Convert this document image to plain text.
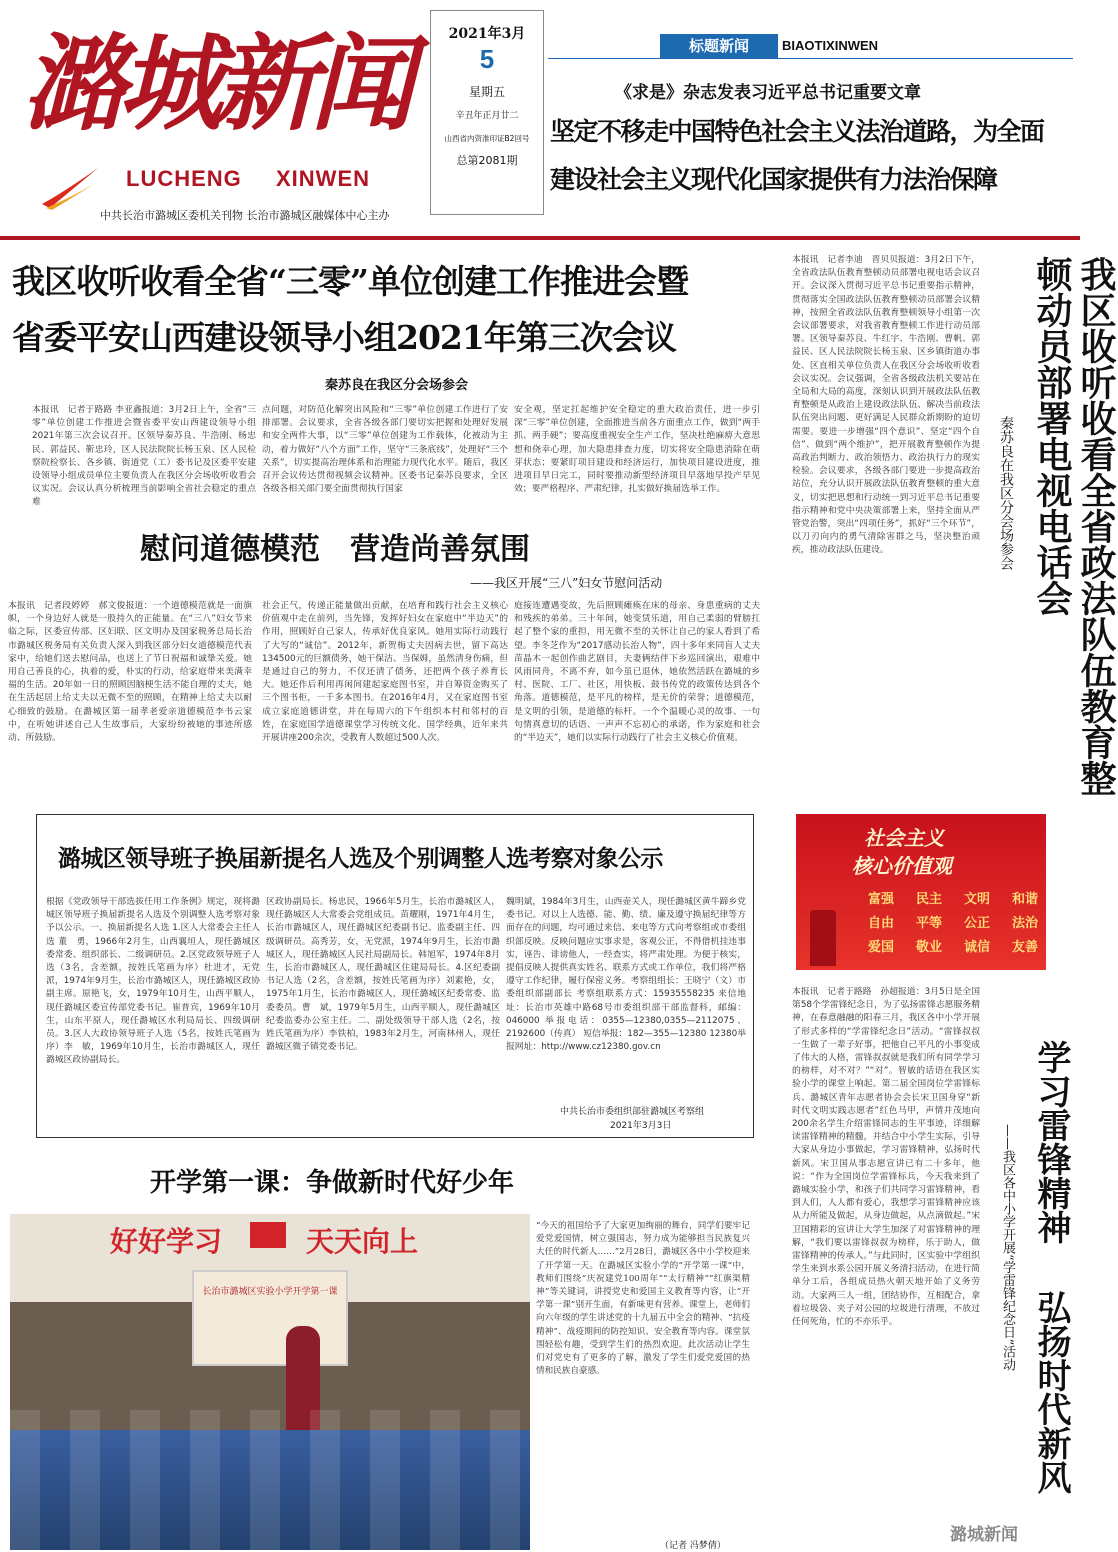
潞城新闻
LUCHENG XINWEN
中共长治市潞城区委机关刊物 长治市潞城区融媒体中心主办
2021年3月
5
星期五
辛丑年正月廿二
山西省内资准印证B2回号
总第2081期
标题新闻	BIAOTIXINWEN
《求是》杂志发表习近平总书记重要文章
坚定不移走中国特色社会主义法治道路，为全面
建设社会主义现代化国家提供有力法治保障
我区收听收看全省“三零”单位创建工作推进会暨
省委平安山西建设领导小组2021年第三次会议
秦苏良在我区分会场参会
本报讯　记者于路路 李亚鑫报道：3月2日上午，全省“三零”单位创建工作推进会暨省委平安山西建设领导小组2021年第三次会议召开。区领导秦苏良、牛浩刚、杨忠民、郭益民、靳忠玲，区人民法院院长杨玉泉、区人民检察院检察长、各乡镇、街道党（工）委书记及区委平安建设领导小组成员单位主要负责人在我区分会场收听收看会议实况。会议认真分析梳理当前影响全省社会稳定的重点难
点问题，对防范化解突出风险和“三零”单位创建工作进行了安排部署。会议要求，全省各级各部门要切实把握和处理好发展和安全两件大事，以“三零”单位创建为工作载体，化被动为主动，着力做好“八个方面”工作，坚守“三条底线”，处理好“三个关系”，切实提高治理体系和治理能力现代化水平。随后，我区召开会议传达贯彻视频会议精神。区委书记秦苏良要求，全区各级各相关部门要全面贯彻执行国家
安全观，坚定扛起维护安全稳定的重大政治责任，进一步引深“三零”单位创建，全面推进当前各方面重点工作，做到“两手抓、两手硬”；要高度重视安全生产工作，坚决杜绝麻痹大意思想和侥幸心理，加大隐患排查力度，切实将安全隐患消除在萌芽状态；要紧盯项目建设和经济运行，加快项目建设进度，推进项目早日完工，同时要推动新型经济项目早落地早投产早见效；要严格程序、严肃纪律，扎实做好换届选举工作。
慰问道德模范　营造尚善氛围
——我区开展“三八”妇女节慰问活动
本报讯　记者段婷婷　郝文俊报道：一个道德模范就是一面旗帜，一个身边好人就是一股持久的正能量。在“三八”妇女节来临之际，区委宣传部、区妇联、区文明办及国家税务总局长治市潞城区税务局有关负责人深入到我区部分妇女道德模范代表家中，给她们送去慰问品，也送上了节日祝福和诚挚关爱。她用自己善良的心，执着的爱，朴实的行动，给家庭带来美满幸福的生活。20年如一日的照顾因脑梗生活不能自理的丈夫，她在生活起居上给丈夫以无微不至的照顾，在精神上给丈夫以耐心细致的鼓励。在潞城区第一届孝老爱亲道德模范李书云家中，在听她讲述自己人生故事后，大家纷纷被她的事迹所感动、所鼓励。
社会正气，传递正能量做出贡献，在培育和践行社会主义核心价值观中走在前列，当先锋，发挥好妇女在家庭中“半边天”的作用，照顾好自己家人，传承好优良家风。她用实际行动践行了大写的“诚信”。2012年，新贺梅丈夫因病去世，留下高达134500元的巨额债务，她干保洁、当保姆，虽然清身伤痛，但是通过自己的努力，不仅还清了债务，还把两个孩子养育长大。她还作后利用再闲间建起家庭图书室，并自筹资金购买了三个图书柜，一千多本图书。在2016年4月，又在家庭图书室成立家庭道德讲堂，并在每周六的下午组织本村和邻村的百姓，在家庭国学道德课堂学习传统文化、国学经典，近年来共开展讲座200余次，受教育人数超过500人次。
庭接连遭遇变故，先后照顾瘫痪在床的母亲、身患重病的丈夫和残疾的弟弟。三十年间，她变赁乐道，用自己柔弱的臂膀扛起了整个家的重担，用无微不至的关怀让自己的家人看到了希望。李冬芝作为“2017感动长治人物”，四十多年来同盲人丈夫苗晶木一起创作曲艺剧目，夫妻俩结伴下乡巡回演出，艰难中风雨同舟，不离不弃，如今虽已退休，她依然活跃在潞城的乡村、医院、工厂、社区，用快板、鼓书传党的政策传达到各个角落。道德模范，是平凡的榜样，是无价的荣誉；道德模范，是文明的引领，是道德的标杆。一个个温暖心灵的故事、一句句情真意切的话语、一声声不忘初心的承诺，作为家庭和社会的“半边天”，她们以实际行动践行了社会主义核心价值观。
潞城区领导班子换届新提名人选及个别调整人选考察对象公示
根据《党政领导干部选拔任用工作条例》规定，现将潞城区领导班子换届新提名人选及个别调整人选考察对象予以公示。一、换届新提名人选 1.区人大常委会主任人选 董　勇，1966年2月生，山西襄垣人，现任潞城区委常委、组织部长、二级调研员。2.区党政领导班子人选（3名，含差额，按姓氏笔画为序）杜进才，无党派，1974年9月生，长治市潞城区人，现任潞城区政协副主席。原艳飞，女，1979年10月生，山西平顺人，现任潞城区委宣传部党委书记。崔普宾，1969年10月生，山东平原人，现任潞城区水利局局长、四级调研员。3.区人大政协领导班子人选（5名，按姓氏笔画为序）李　敏，1969年10月生，长治市潞城区人，现任潞城区政协副局长。
区政协副局长。杨忠民，1966年5月生，长治市潞城区人，现任潞城区人大常委会党组成员。苗耀刚，1971年4月生，长治市潞城区人，现任潞城区纪委副书记、监委副主任、四级调研员。高秀芳，女，无党派，1974年9月生，长治市潞城区人，现任潞城区人民社局副局长。韩旭军，1974年8月生，长治市潞城区人，现任潞城区住建局局长。4.区纪委副书记人选（2名，含差额，按姓氏笔画为序）刘素艳，女，1975年1月生，长治市潞城区人，现任潞城区纪委常委、监委委员。曹　斌，1979年5月生，山西平顺人，现任潞城区纪委监委办公室主任。二、副处级领导干部人选（2名，按姓氏笔画为序）李铁柏，1983年2月生，河南林州人，现任潞城区微子镇党委书记。
魏明斌，1984年3月生，山西壶关人，现任潞城区黄牛蹄乡党委书记。对以上人选德、能、勤、绩、廉及遵守换届纪律等方面存在的问题，均可通过来信、来电等方式向考察组或市委组织部反映。反映问题应实事求是，客观公正，不得借机挂违事实，诬告、诽谤他人，一经查实，将严肃处理。为便于核实，提倡反映人提供真实姓名、联系方式或工作单位，我们将严格遵守工作纪律，履行保密义务。考察组组长：王晓宁（文）市委组织部副部长 考察组联系方式：15935558235 来信地址：长治市英雄中路68号市委组织部干部监督科，邮编：046000 举报电话：0355—12380,0355—2112075、2192600（传真） 短信举报：182—355—12380 12380举报网址：http://www.cz12380.gov.cn
中共长治市委组织部驻潞城区考察组
2021年3月3日
开学第一课：争做新时代好少年
好好学习	天天向上
长治市潞城区实验小学开学第一课
“今天的祖国给予了大家更加绚丽的舞台，同学们要牢记爱党爱国情，树立强国志，努力成为能够担当民族复兴大任的时代新人……”2月28日，潞城区各中小学校迎来了开学第一天。在潞城区实验小学的“开学第一课”中，教师们围绕“庆祝建党100周年”“太行精神”“红旗渠精神”等关键词，讲授党史和爱国主义教育等内容，让“开学第一课”别开生面，有新味更有营养。课堂上，老师们向六年级的学生讲述党的十九届五中全会的精神、“抗疫精神”、战疫期间的防控知识、安全教育等内容。课堂氛围轻松有趣，受到学生们的热烈欢迎。此次活动让学生们对党史有了更多的了解，激发了学生们爱党爱国的热情和民族自豪感。
（记者 冯梦倩）
本报讯　记者李迪　晋贝贝报道：3月2日下午，全省政法队伍教育整顿动员部署电视电话会议召开。会议深入贯彻习近平总书记重要指示精神，贯彻落实全国政法队伍教育整顿动员部署会议精神，按照全省政法队伍教育整顿领导小组第一次会议部署要求，对我省教育整顿工作进行动员部署。区领导秦苏良、牛红宇、牛浩刚、曹帆、郭益民、区人民法院院长杨玉泉、区乡镇街道办事处、区直相关单位负责人在我区分会场收听收看会议实况。会议强调，全省各级政法机关要站在全局和大局的高度，深刻认识到开展政法队伍教育整顿是从政治上建设政法队伍、解决当前政法队伍突出问题、更好满足人民群众新期盼的迫切需要。要进一步增强“四个意识”、坚定“四个自信”、做到“两个维护”，把开展教育整顿作为提高政治判断力、政治领悟力、政治执行力的现实检验。会议要求，各级各部门要进一步提高政治站位，充分认识开展政法队伍教育整顿的重大意义，切实把思想和行动统一到习近平总书记重要指示精神和党中央决策部署上来，坚持全面从严管党治警，突出“四项任务”，抓好“三个环节”，以刀刃向内的勇气清除害群之马，坚决整治顽疾，推动政法队伍建设。	我区收听收看全省政法队伍教育整顿动员部署电视电话会
秦苏良在我区分会场参会
社会主义
核心价值观
富强 民主 文明 和谐
自由 平等 公正 法治
爱国 敬业 诚信 友善
本报讯　记者于路路　孙超报道：3月5日是全国第58个学雷锋纪念日，为了弘扬雷锋志愿服务精神，在春意融融的阳春三月，我区各中小学开展了形式多样的“学雷锋纪念日”活动。“雷锋叔叔一生做了一辈子好事，把他自己平凡的小事变成了伟大的人格，雷锋叔叔就是我们所有同学学习的榜样，对不对？”“对”。智敏的话语在我区实验小学的课堂上响起。第二届全国岗位学雷锋标兵、潞城区青年志愿者协会会长宋卫国身穿“新时代文明实践志愿者”红色马甲，声情并茂地向200余名学生介绍雷锋同志的生平事迹，详细解读雷锋精神的精髓，并结合中小学生实际，引导大家从身边小事做起，学习雷锋精神，弘扬时代新风。宋卫国从事志愿宣讲已有二十多年，他说：“作为全国岗位学雷锋标兵，今天我来到了潞城实验小学，和孩子们共同学习雷锋精神，看到人们，人人都有爱心，我想学习雷锋精神应该从力所能及做起，从身边做起，从点滴做起。”宋卫国精彩的宣讲让大学生加深了对雷锋精神的理解，“我们要以雷锋叔叔为榜样，乐于助人，做雷锋精神的传承人。”与此同时，区实验中学组织学生来到水系公园开展义务清扫活动，在进行简单分工后，各组成员热火朝天地开始了义务劳动。大家两三人一组，团结协作，互相配合，拿着垃圾袋、夹子对公园的垃圾进行清理，不放过任何死角，忙的不亦乐乎。
学习雷锋精神
弘扬时代新风
——我区各中小学开展“学雷锋纪念日”活动
潞城新闻
